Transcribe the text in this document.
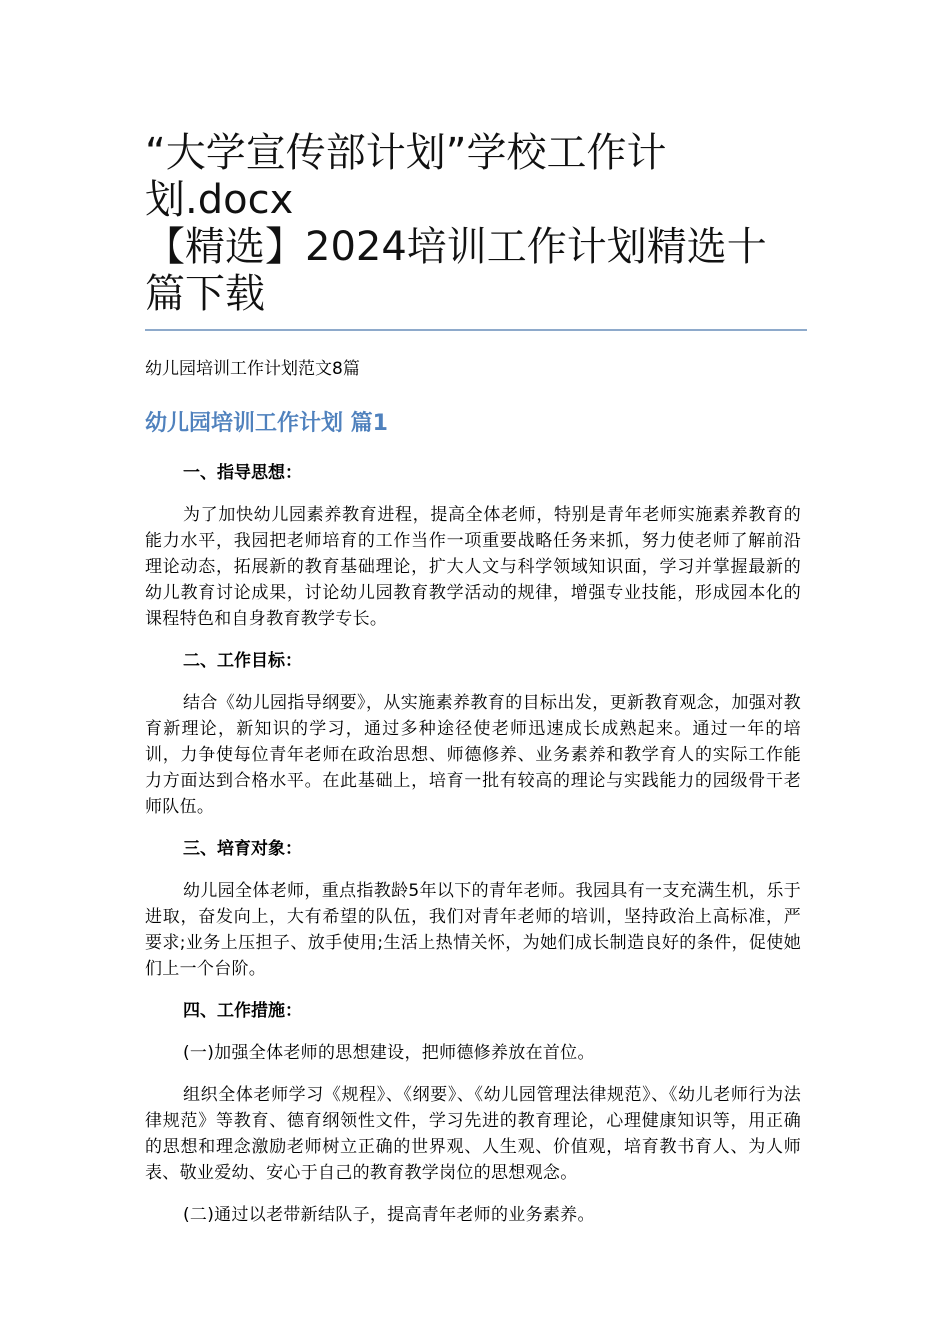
“大学宣传部计划”学校工作计
划.docx
【精选】2024培训工作计划精选十
篇下载
幼儿园培训工作计划范文8篇
幼儿园培训工作计划 篇1
一、指导思想：
为了加快幼儿园素养教育进程，提高全体老师，特别是青年老师实施素养教育的能力水平，我园把老师培育的工作当作一项重要战略任务来抓，努力使老师了解前沿理论动态，拓展新的教育基础理论，扩大人文与科学领域知识面，学习并掌握最新的幼儿教育讨论成果，讨论幼儿园教育教学活动的规律，增强专业技能，形成园本化的课程特色和自身教育教学专长。
二、工作目标：
结合《幼儿园指导纲要》，从实施素养教育的目标出发，更新教育观念，加强对教育新理论，新知识的学习，通过多种途径使老师迅速成长成熟起来。通过一年的培训，力争使每位青年老师在政治思想、师德修养、业务素养和教学育人的实际工作能力方面达到合格水平。在此基础上，培育一批有较高的理论与实践能力的园级骨干老师队伍。
三、培育对象：
幼儿园全体老师，重点指教龄5年以下的青年老师。我园具有一支充满生机，乐于进取，奋发向上，大有希望的队伍，我们对青年老师的培训，坚持政治上高标准，严要求;业务上压担子、放手使用;生活上热情关怀，为她们成长制造良好的条件，促使她们上一个台阶。
四、工作措施：
(一)加强全体老师的思想建设，把师德修养放在首位。
组织全体老师学习《规程》、《纲要》、《幼儿园管理法律规范》、《幼儿老师行为法律规范》等教育、德育纲领性文件，学习先进的教育理论，心理健康知识等，用正确的思想和理念激励老师树立正确的世界观、人生观、价值观，培育教书育人、为人师表、敬业爱幼、安心于自己的教育教学岗位的思想观念。
(二)通过以老带新结队子，提高青年老师的业务素养。
